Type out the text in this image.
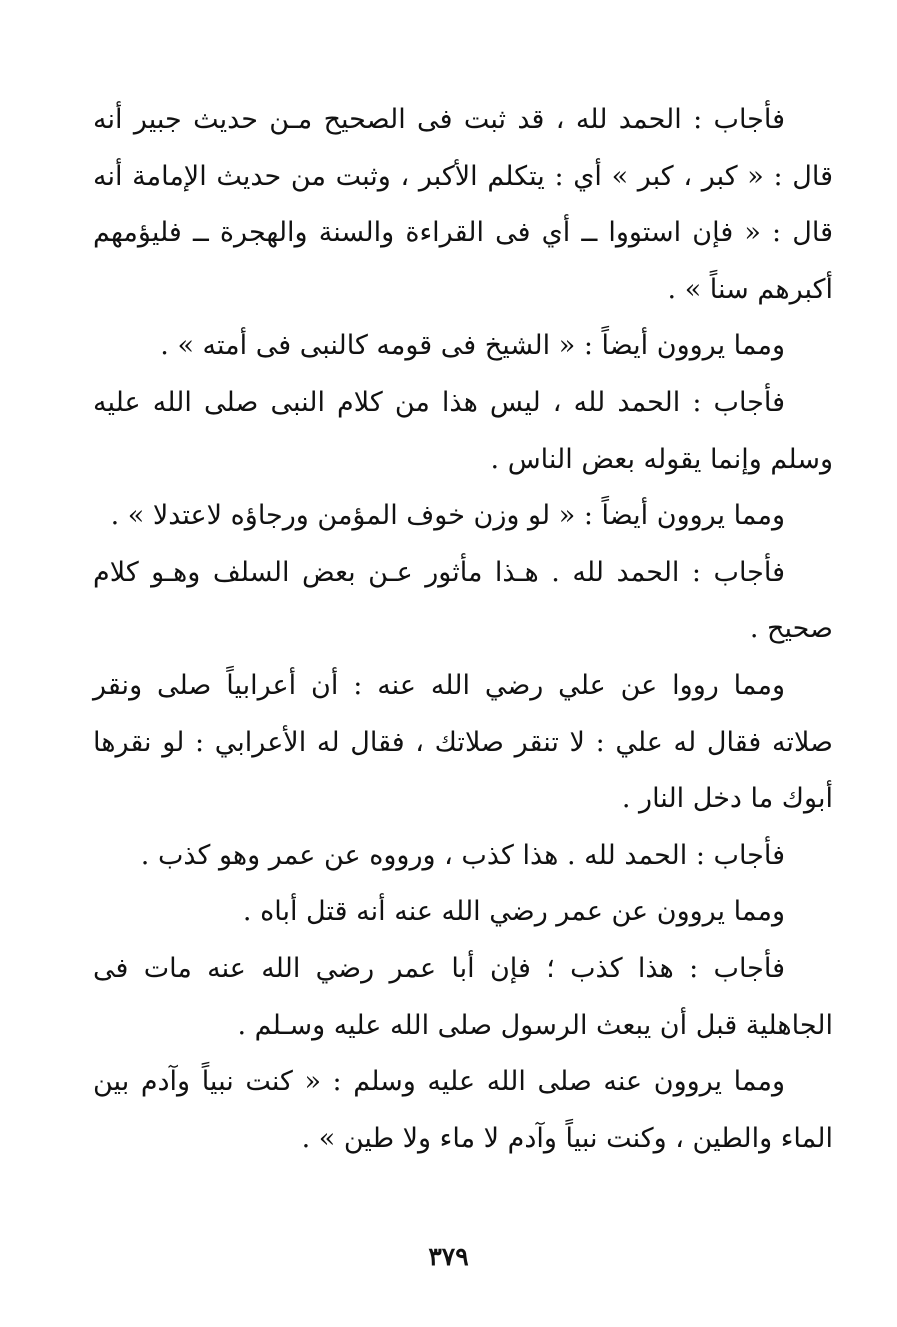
فأجاب : الحمد لله ، قد ثبت فى الصحيح مـن حديث جبير أنه قال : « كبر ، كبر » أي : يتكلم الأكبر ، وثبت من حديث الإمامة أنه قال : « فإن استووا ــ أي فى القراءة والسنة والهجرة ــ فليؤمهم أكبرهم سناً » .

ومما يروون أيضاً : « الشيخ فى قومه كالنبى فى أمته » .

فأجاب : الحمد لله ، ليس هذا من كلام النبى صلى الله عليه وسلم وإنما يقوله بعض الناس .

ومما يروون أيضاً : « لو وزن خوف المؤمن ورجاؤه لاعتدلا » .

فأجاب : الحمد لله . هـذا مأثور عـن بعض السلف وهـو كلام صحيح .

ومما رووا عن علي رضي الله عنه : أن أعرابياً صلى ونقر صلاته فقال له علي : لا تنقر صلاتك ، فقال له الأعرابي : لو نقرها أبوك ما دخل النار .

فأجاب : الحمد لله . هذا كذب ، ورووه عن عمر وهو كذب .

ومما يروون عن عمر رضي الله عنه أنه قتل أباه .

فأجاب : هذا كذب ؛ فإن أبا عمر رضي الله عنه مات فى الجاهلية قبل أن يبعث الرسول صلى الله عليه وسـلم .

ومما يروون عنه صلى الله عليه وسلم : « كنت نبياً وآدم بين الماء والطين ، وكنت نبياً وآدم لا ماء ولا طين » .

٣٧٩
